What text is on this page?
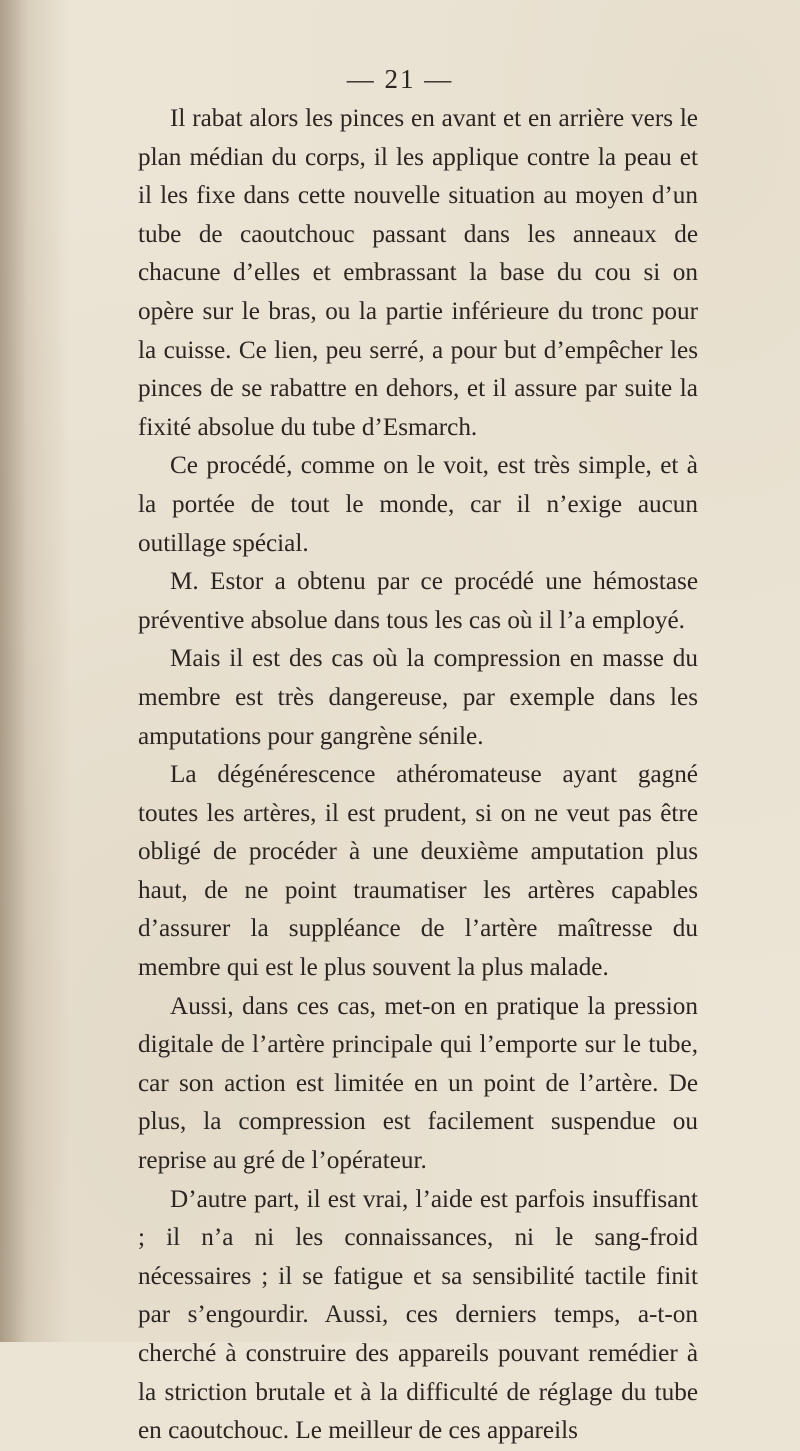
— 21 —

Il rabat alors les pinces en avant et en arrière vers le plan médian du corps, il les applique contre la peau et il les fixe dans cette nouvelle situation au moyen d’un tube de caoutchouc passant dans les anneaux de chacune d’elles et embrassant la base du cou si on opère sur le bras, ou la partie inférieure du tronc pour la cuisse. Ce lien, peu serré, a pour but d’empêcher les pinces de se rabattre en dehors, et il assure par suite la fixité absolue du tube d’Esmarch.

Ce procédé, comme on le voit, est très simple, et à la portée de tout le monde, car il n’exige aucun outillage spécial.

M. Estor a obtenu par ce procédé une hémostase préventive absolue dans tous les cas où il l’a employé.

Mais il est des cas où la compression en masse du membre est très dangereuse, par exemple dans les amputations pour gangrène sénile.

La dégénérescence athéromateuse ayant gagné toutes les artères, il est prudent, si on ne veut pas être obligé de procéder à une deuxième amputation plus haut, de ne point traumatiser les artères capables d’assurer la suppléance de l’artère maîtresse du membre qui est le plus souvent la plus malade.

Aussi, dans ces cas, met-on en pratique la pression digitale de l’artère principale qui l’emporte sur le tube, car son action est limitée en un point de l’artère. De plus, la compression est facilement suspendue ou reprise au gré de l’opérateur.

D’autre part, il est vrai, l’aide est parfois insuffisant ; il n’a ni les connaissances, ni le sang-froid nécessaires ; il se fatigue et sa sensibilité tactile finit par s’engourdir. Aussi, ces derniers temps, a-t-on cherché à construire des appareils pouvant remédier à la striction brutale et à la difficulté de réglage du tube en caoutchouc. Le meilleur de ces appareils
